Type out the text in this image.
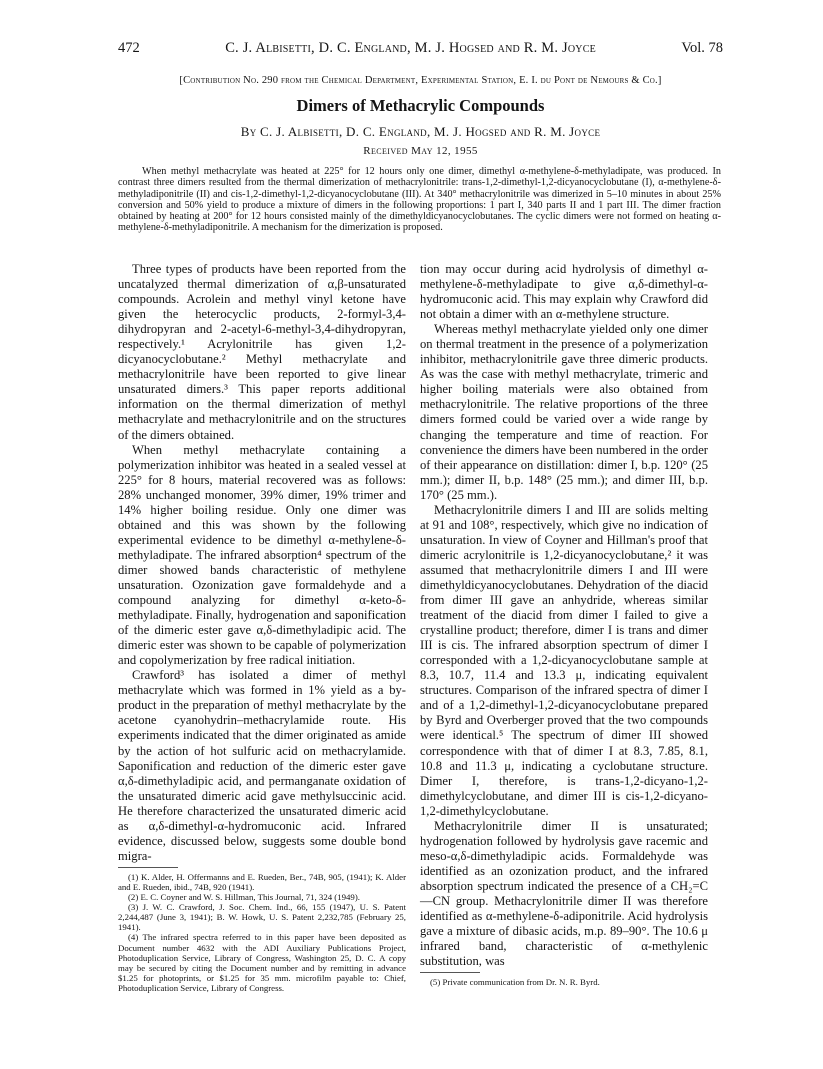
472	C. J. Albisetti, D. C. England, M. J. Hogsed and R. M. Joyce	Vol. 78
[Contribution No. 290 from the Chemical Department, Experimental Station, E. I. du Pont de Nemours & Co.]
Dimers of Methacrylic Compounds
By C. J. Albisetti, D. C. England, M. J. Hogsed and R. M. Joyce
Received May 12, 1955
When methyl methacrylate was heated at 225° for 12 hours only one dimer, dimethyl α-methylene-δ-methyladipate, was produced. In contrast three dimers resulted from the thermal dimerization of methacrylonitrile: trans-1,2-dimethyl-1,2-dicyanocyclobutane (I), α-methylene-δ-methyladiponitrile (II) and cis-1,2-dimethyl-1,2-dicyanocyclobutane (III). At 340° methacrylonitrile was dimerized in 5–10 minutes in about 25% conversion and 50% yield to produce a mixture of dimers in the following proportions: 1 part I, 340 parts II and 1 part III. The dimer fraction obtained by heating at 200° for 12 hours consisted mainly of the dimethyldicyanocyclobutanes. The cyclic dimers were not formed on heating α-methylene-δ-methyladiponitrile. A mechanism for the dimerization is proposed.

Three types of products have been reported from the uncatalyzed thermal dimerization of α,β-unsaturated compounds. Acrolein and methyl vinyl ketone have given the heterocyclic products, 2-formyl-3,4-dihydropyran and 2-acetyl-6-methyl-3,4-dihydropyran, respectively.¹ Acrylonitrile has given 1,2-dicyanocyclobutane.² Methyl methacrylate and methacrylonitrile have been reported to give linear unsaturated dimers.³ This paper reports additional information on the thermal dimerization of methyl methacrylate and methacrylonitrile and on the structures of the dimers obtained.

When methyl methacrylate containing a polymerization inhibitor was heated in a sealed vessel at 225° for 8 hours, material recovered was as follows: 28% unchanged monomer, 39% dimer, 19% trimer and 14% higher boiling residue. Only one dimer was obtained and this was shown by the following experimental evidence to be dimethyl α-methylene-δ-methyladipate. The infrared absorption⁴ spectrum of the dimer showed bands characteristic of methylene unsaturation. Ozonization gave formaldehyde and a compound analyzing for dimethyl α-keto-δ-methyladipate. Finally, hydrogenation and saponification of the dimeric ester gave α,δ-dimethyladipic acid. The dimeric ester was shown to be capable of polymerization and copolymerization by free radical initiation.

Crawford³ has isolated a dimer of methyl methacrylate which was formed in 1% yield as a by-product in the preparation of methyl methacrylate by the acetone cyanohydrin–methacrylamide route. His experiments indicated that the dimer originated as amide by the action of hot sulfuric acid on methacrylamide. Saponification and reduction of the dimeric ester gave α,δ-dimethyladipic acid, and permanganate oxidation of the unsaturated dimeric acid gave methylsuccinic acid. He therefore characterized the unsaturated dimeric acid as α,δ-dimethyl-α-hydromuconic acid. Infrared evidence, discussed below, suggests some double bond migra-

(1) K. Alder, H. Offermanns and E. Rueden, Ber., 74B, 905, (1941); K. Alder and E. Rueden, ibid., 74B, 920 (1941).

(2) E. C. Coyner and W. S. Hillman, This Journal, 71, 324 (1949).

(3) J. W. C. Crawford, J. Soc. Chem. Ind., 66, 155 (1947), U. S. Patent 2,244,487 (June 3, 1941); B. W. Howk, U. S. Patent 2,232,785 (February 25, 1941).

(4) The infrared spectra referred to in this paper have been deposited as Document number 4632 with the ADI Auxiliary Publications Project, Photoduplication Service, Library of Congress, Washington 25, D. C. A copy may be secured by citing the Document number and by remitting in advance $1.25 for photoprints, or $1.25 for 35 mm. microfilm payable to: Chief, Photoduplication Service, Library of Congress.

tion may occur during acid hydrolysis of dimethyl α-methylene-δ-methyladipate to give α,δ-dimethyl-α-hydromuconic acid. This may explain why Crawford did not obtain a dimer with an α-methylene structure.

Whereas methyl methacrylate yielded only one dimer on thermal treatment in the presence of a polymerization inhibitor, methacrylonitrile gave three dimeric products. As was the case with methyl methacrylate, trimeric and higher boiling materials were also obtained from methacrylonitrile. The relative proportions of the three dimers formed could be varied over a wide range by changing the temperature and time of reaction. For convenience the dimers have been numbered in the order of their appearance on distillation: dimer I, b.p. 120° (25 mm.); dimer II, b.p. 148° (25 mm.); and dimer III, b.p. 170° (25 mm.).

Methacrylonitrile dimers I and III are solids melting at 91 and 108°, respectively, which give no indication of unsaturation. In view of Coyner and Hillman's proof that dimeric acrylonitrile is 1,2-dicyanocyclobutane,² it was assumed that methacrylonitrile dimers I and III were dimethyldicyanocyclobutanes. Dehydration of the diacid from dimer III gave an anhydride, whereas similar treatment of the diacid from dimer I failed to give a crystalline product; therefore, dimer I is trans and dimer III is cis. The infrared absorption spectrum of dimer I corresponded with a 1,2-dicyanocyclobutane sample at 8.3, 10.7, 11.4 and 13.3 μ, indicating equivalent structures. Comparison of the infrared spectra of dimer I and of a 1,2-dimethyl-1,2-dicyanocyclobutane prepared by Byrd and Overberger proved that the two compounds were identical.⁵ The spectrum of dimer III showed correspondence with that of dimer I at 8.3, 7.85, 8.1, 10.8 and 11.3 μ, indicating a cyclobutane structure. Dimer I, therefore, is trans-1,2-dicyano-1,2-dimethylcyclobutane, and dimer III is cis-1,2-dicyano-1,2-dimethylcyclobutane.

Methacrylonitrile dimer II is unsaturated; hydrogenation followed by hydrolysis gave racemic and meso-α,δ-dimethyladipic acids. Formaldehyde was identified as an ozonization product, and the infrared absorption spectrum indicated the presence of a CH₂=C—CN group. Methacrylonitrile dimer II was therefore identified as α-methylene-δ-adiponitrile. Acid hydrolysis gave a mixture of dibasic acids, m.p. 89–90°. The 10.6 μ infrared band, characteristic of α-methylenic substitution, was

(5) Private communication from Dr. N. R. Byrd.
